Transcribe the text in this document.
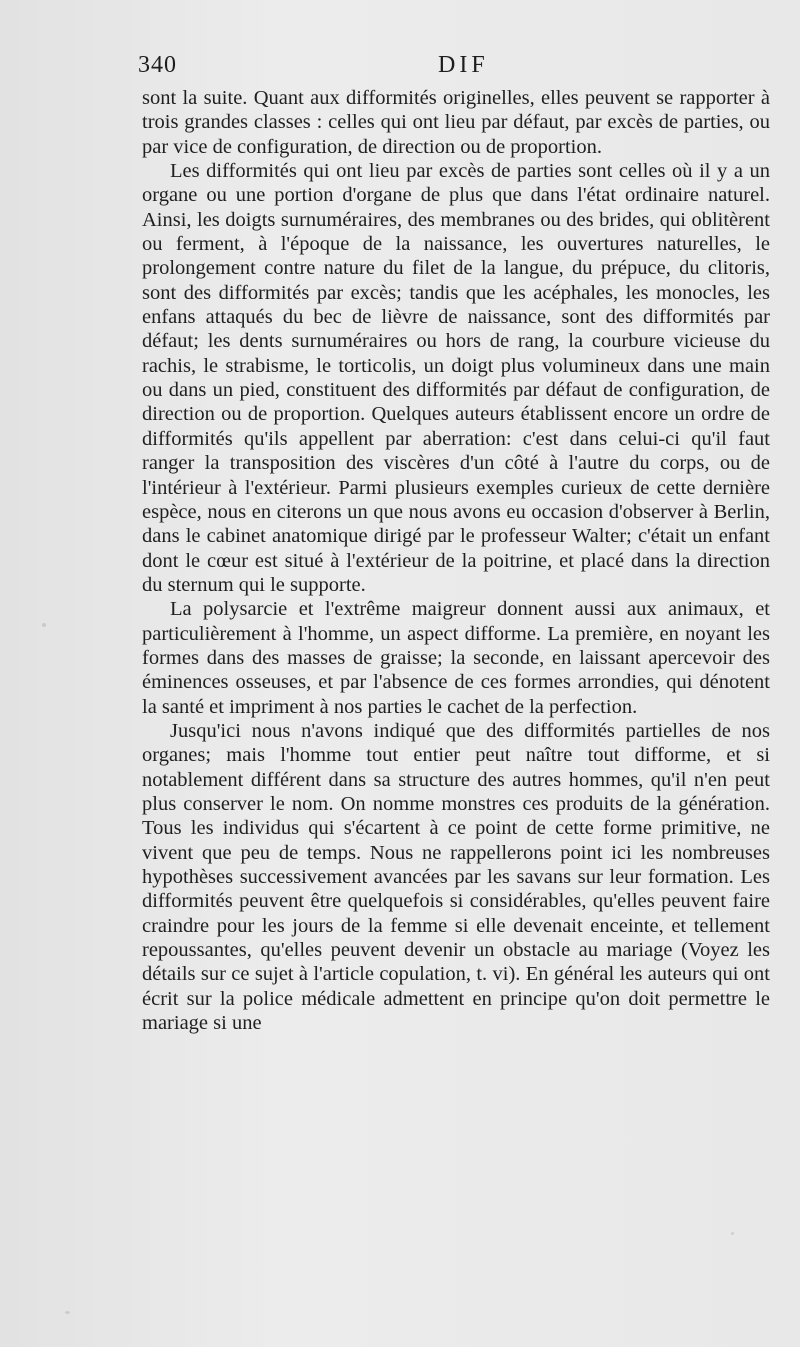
340	DIF

sont la suite. Quant aux difformités originelles, elles peuvent se rapporter à trois grandes classes : celles qui ont lieu par défaut, par excès de parties, ou par vice de configuration, de direction ou de proportion.

Les difformités qui ont lieu par excès de parties sont celles où il y a un organe ou une portion d'organe de plus que dans l'état ordinaire naturel. Ainsi, les doigts surnuméraires, des membranes ou des brides, qui oblitèrent ou ferment, à l'époque de la naissance, les ouvertures naturelles, le prolongement contre nature du filet de la langue, du prépuce, du clitoris, sont des difformités par excès; tandis que les acéphales, les monocles, les enfans attaqués du bec de lièvre de naissance, sont des difformités par défaut; les dents surnuméraires ou hors de rang, la courbure vicieuse du rachis, le strabisme, le torticolis, un doigt plus volumineux dans une main ou dans un pied, constituent des difformités par défaut de configuration, de direction ou de proportion. Quelques auteurs établissent encore un ordre de difformités qu'ils appellent par aberration: c'est dans celui-ci qu'il faut ranger la transposition des viscères d'un côté à l'autre du corps, ou de l'intérieur à l'extérieur. Parmi plusieurs exemples curieux de cette dernière espèce, nous en citerons un que nous avons eu occasion d'observer à Berlin, dans le cabinet anatomique dirigé par le professeur Walter; c'était un enfant dont le cœur est situé à l'extérieur de la poitrine, et placé dans la direction du sternum qui le supporte.

La polysarcie et l'extrême maigreur donnent aussi aux animaux, et particulièrement à l'homme, un aspect difforme. La première, en noyant les formes dans des masses de graisse; la seconde, en laissant apercevoir des éminences osseuses, et par l'absence de ces formes arrondies, qui dénotent la santé et impriment à nos parties le cachet de la perfection.

Jusqu'ici nous n'avons indiqué que des difformités partielles de nos organes; mais l'homme tout entier peut naître tout difforme, et si notablement différent dans sa structure des autres hommes, qu'il n'en peut plus conserver le nom. On nomme monstres ces produits de la génération. Tous les individus qui s'écartent à ce point de cette forme primitive, ne vivent que peu de temps. Nous ne rappellerons point ici les nombreuses hypothèses successivement avancées par les savans sur leur formation. Les difformités peuvent être quelquefois si considérables, qu'elles peuvent faire craindre pour les jours de la femme si elle devenait enceinte, et tellement repoussantes, qu'elles peuvent devenir un obstacle au mariage (Voyez les détails sur ce sujet à l'article copulation, t. vi). En général les auteurs qui ont écrit sur la police médicale admettent en principe qu'on doit permettre le mariage si une
